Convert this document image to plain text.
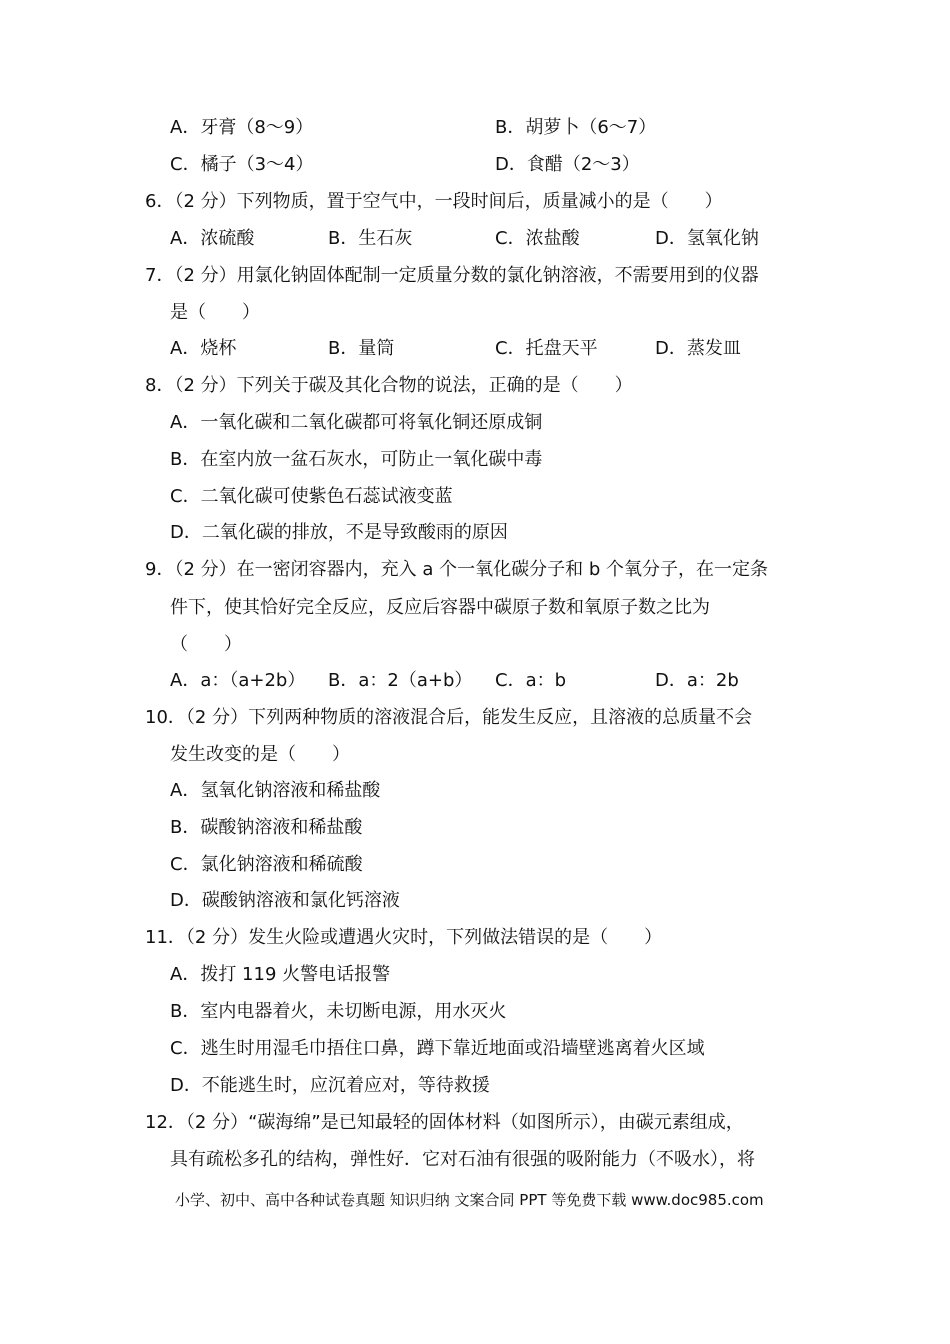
A．牙膏（8～9）	B．胡萝卜（6～7）
C．橘子（3～4）	D．食醋（2～3）
6．（2 分）下列物质，置于空气中，一段时间后，质量减小的是（　　）
A．浓硫酸	B．生石灰	C．浓盐酸	D．氢氧化钠
7．（2 分）用氯化钠固体配制一定质量分数的氯化钠溶液，不需要用到的仪器
是（　　）
A．烧杯	B．量筒	C．托盘天平	D．蒸发皿
8．（2 分）下列关于碳及其化合物的说法，正确的是（　　）
A．一氧化碳和二氧化碳都可将氧化铜还原成铜
B．在室内放一盆石灰水，可防止一氧化碳中毒
C．二氧化碳可使紫色石蕊试液变蓝
D．二氧化碳的排放，不是导致酸雨的原因
9．（2 分）在一密闭容器内，充入 a 个一氧化碳分子和 b 个氧分子，在一定条
件下，使其恰好完全反应，反应后容器中碳原子数和氧原子数之比为
（　　）
A．a：（a+2b） B．a：2（a+b） C．a：b	D．a：2b
10．（2 分）下列两种物质的溶液混合后，能发生反应，且溶液的总质量不会
发生改变的是（　　）
A．氢氧化钠溶液和稀盐酸
B．碳酸钠溶液和稀盐酸
C．氯化钠溶液和稀硫酸
D．碳酸钠溶液和氯化钙溶液
11．（2 分）发生火险或遭遇火灾时，下列做法错误的是（　　）
A．拨打 119 火警电话报警
B．室内电器着火，未切断电源，用水灭火
C．逃生时用湿毛巾捂住口鼻，蹲下靠近地面或沿墙壁逃离着火区域
D．不能逃生时，应沉着应对，等待救援
12．（2 分）“碳海绵”是已知最轻的固体材料（如图所示），由碳元素组成，
具有疏松多孔的结构，弹性好．它对石油有很强的吸附能力（不吸水），将
小学、初中、高中各种试卷真题 知识归纳 文案合同 PPT 等免费下载 www.doc985.com
